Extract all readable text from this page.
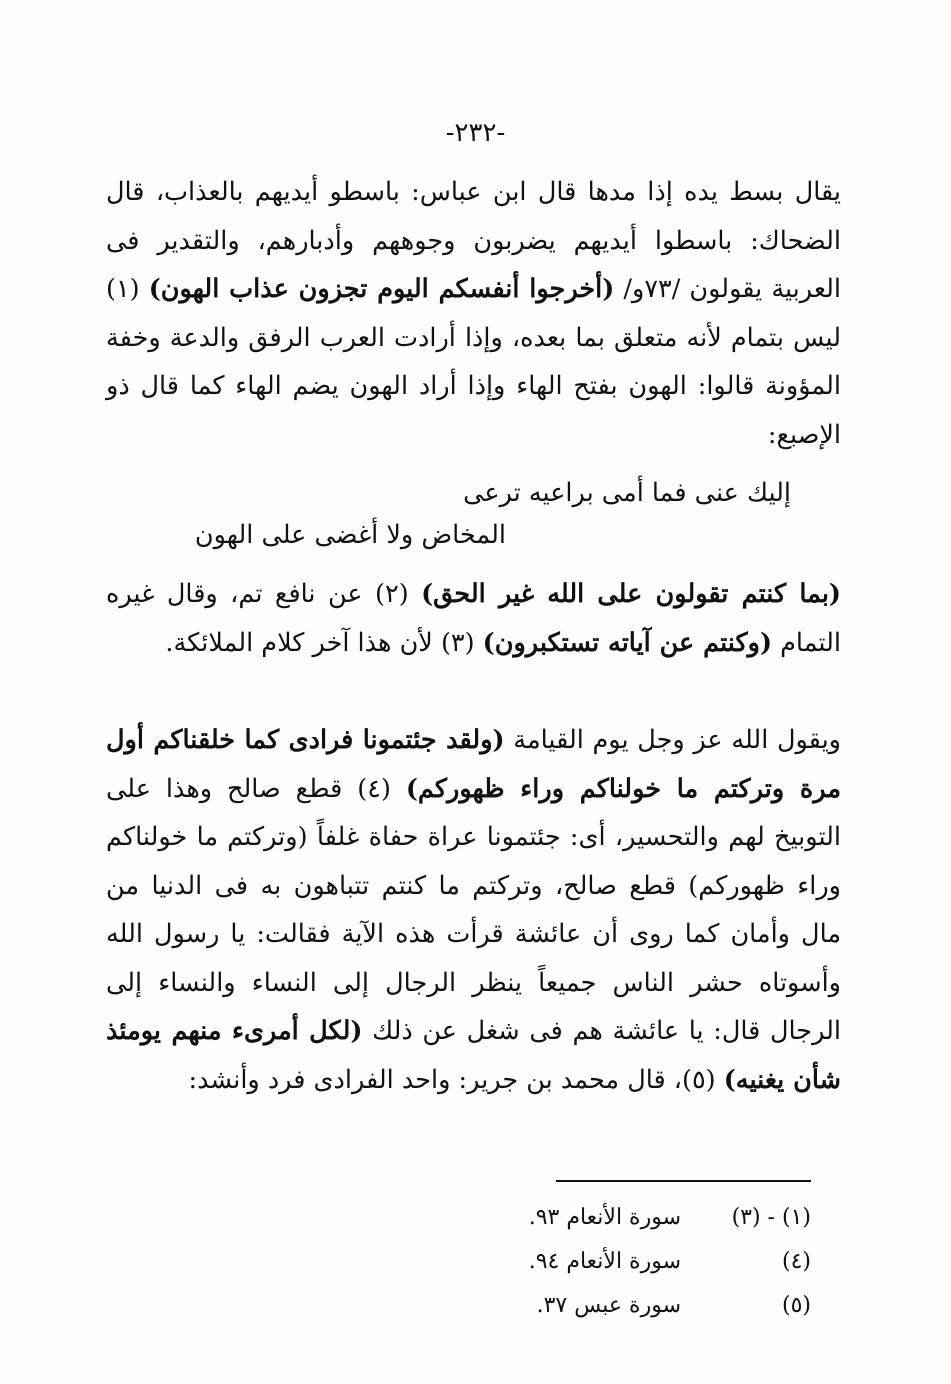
-٢٣٢-

يقال بسط يده إذا مدها قال ابن عباس: باسطو أيديهم بالعذاب، قال الضحاك: باسطوا أيديهم يضربون وجوههم وأدبارهم، والتقدير فى العربية يقولون /٧٣و/ (أخرجوا أنفسكم اليوم تجزون عذاب الهون) (١) ليس بتمام لأنه متعلق بما بعده، وإذا أرادت العرب الرفق والدعة وخفة المؤونة قالوا: الهون بفتح الهاء وإذا أراد الهون يضم الهاء كما قال ذو الإصبع:

إليك عنى فما أمى براعيه ترعى
المخاض ولا أغضى على الهون

(بما كنتم تقولون على الله غير الحق) (٢) عن نافع تم، وقال غيره التمام (وكنتم عن آياته تستكبرون) (٣) لأن هذا آخر كلام الملائكة.

ويقول الله عز وجل يوم القيامة (ولقد جئتمونا فرادى كما خلقناكم أول مرة وتركتم ما خولناكم وراء ظهوركم) (٤) قطع صالح وهذا على التوبيخ لهم والتحسير، أى: جئتمونا عراة حفاة غلفاً (وتركتم ما خولناكم وراء ظهوركم) قطع صالح، وتركتم ما كنتم تتباهون به فى الدنيا من مال وأمان كما روى أن عائشة قرأت هذه الآية فقالت: يا رسول الله وأسوتاه حشر الناس جميعاً ينظر الرجال إلى النساء والنساء إلى الرجال قال: يا عائشة هم فى شغل عن ذلك (لكل أمرىء منهم يومئذ شأن يغنيه) (٥)، قال محمد بن جرير: واحد الفرادى فرد وأنشد:

(١) - (٣)
سورة الأنعام ٩٣.
(٤)
سورة الأنعام ٩٤.
(٥)
سورة عبس ٣٧.
